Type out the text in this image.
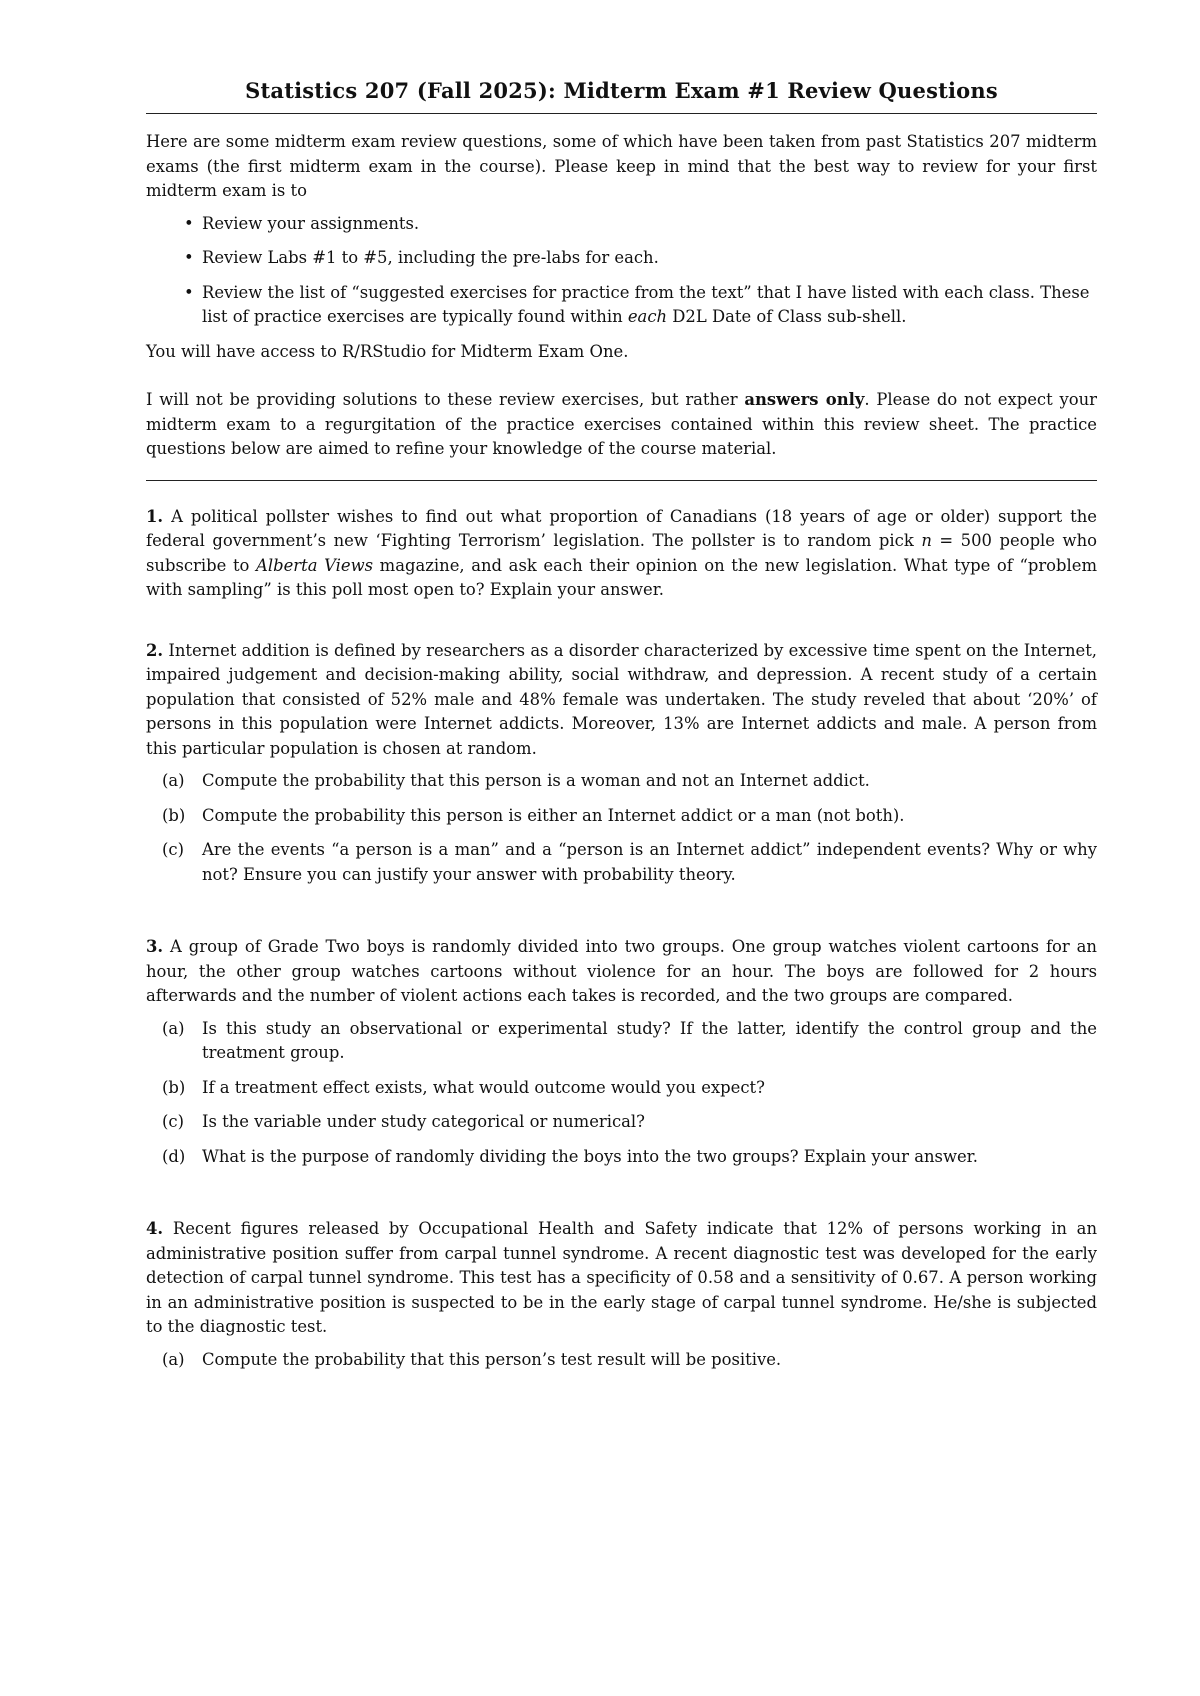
Statistics 207 (Fall 2025): Midterm Exam #1 Review Questions

Here are some midterm exam review questions, some of which have been taken from past Statistics 207 midterm exams (the first midterm exam in the course). Please keep in mind that the best way to review for your first midterm exam is to

• Review your assignments.
• Review Labs #1 to #5, including the pre-labs for each.
• Review the list of “suggested exercises for practice from the text” that I have listed with each class. These list of practice exercises are typically found within each D2L Date of Class sub-shell.

You will have access to R/RStudio for Midterm Exam One.

I will not be providing solutions to these review exercises, but rather answers only. Please do not expect your midterm exam to a regurgitation of the practice exercises contained within this review sheet. The practice questions below are aimed to refine your knowledge of the course material.

1. A political pollster wishes to find out what proportion of Canadians (18 years of age or older) support the federal government’s new ‘Fighting Terrorism’ legislation. The pollster is to random pick n = 500 people who subscribe to Alberta Views magazine, and ask each their opinion on the new legislation. What type of “problem with sampling” is this poll most open to? Explain your answer.

2. Internet addition is defined by researchers as a disorder characterized by excessive time spent on the Internet, impaired judgement and decision-making ability, social withdraw, and depression. A recent study of a certain population that consisted of 52% male and 48% female was undertaken. The study reveled that about ‘20%’ of persons in this population were Internet addicts. Moreover, 13% are Internet addicts and male. A person from this particular population is chosen at random.

(a) Compute the probability that this person is a woman and not an Internet addict.
(b) Compute the probability this person is either an Internet addict or a man (not both).
(c) Are the events “a person is a man” and a “person is an Internet addict” independent events? Why or why not? Ensure you can justify your answer with probability theory.

3. A group of Grade Two boys is randomly divided into two groups. One group watches violent cartoons for an hour, the other group watches cartoons without violence for an hour. The boys are followed for 2 hours afterwards and the number of violent actions each takes is recorded, and the two groups are compared.

(a) Is this study an observational or experimental study? If the latter, identify the control group and the treatment group.
(b) If a treatment effect exists, what would outcome would you expect?
(c) Is the variable under study categorical or numerical?
(d) What is the purpose of randomly dividing the boys into the two groups? Explain your answer.

4. Recent figures released by Occupational Health and Safety indicate that 12% of persons working in an administrative position suffer from carpal tunnel syndrome. A recent diagnostic test was developed for the early detection of carpal tunnel syndrome. This test has a specificity of 0.58 and a sensitivity of 0.67. A person working in an administrative position is suspected to be in the early stage of carpal tunnel syndrome. He/she is subjected to the diagnostic test.

(a) Compute the probability that this person’s test result will be positive.
